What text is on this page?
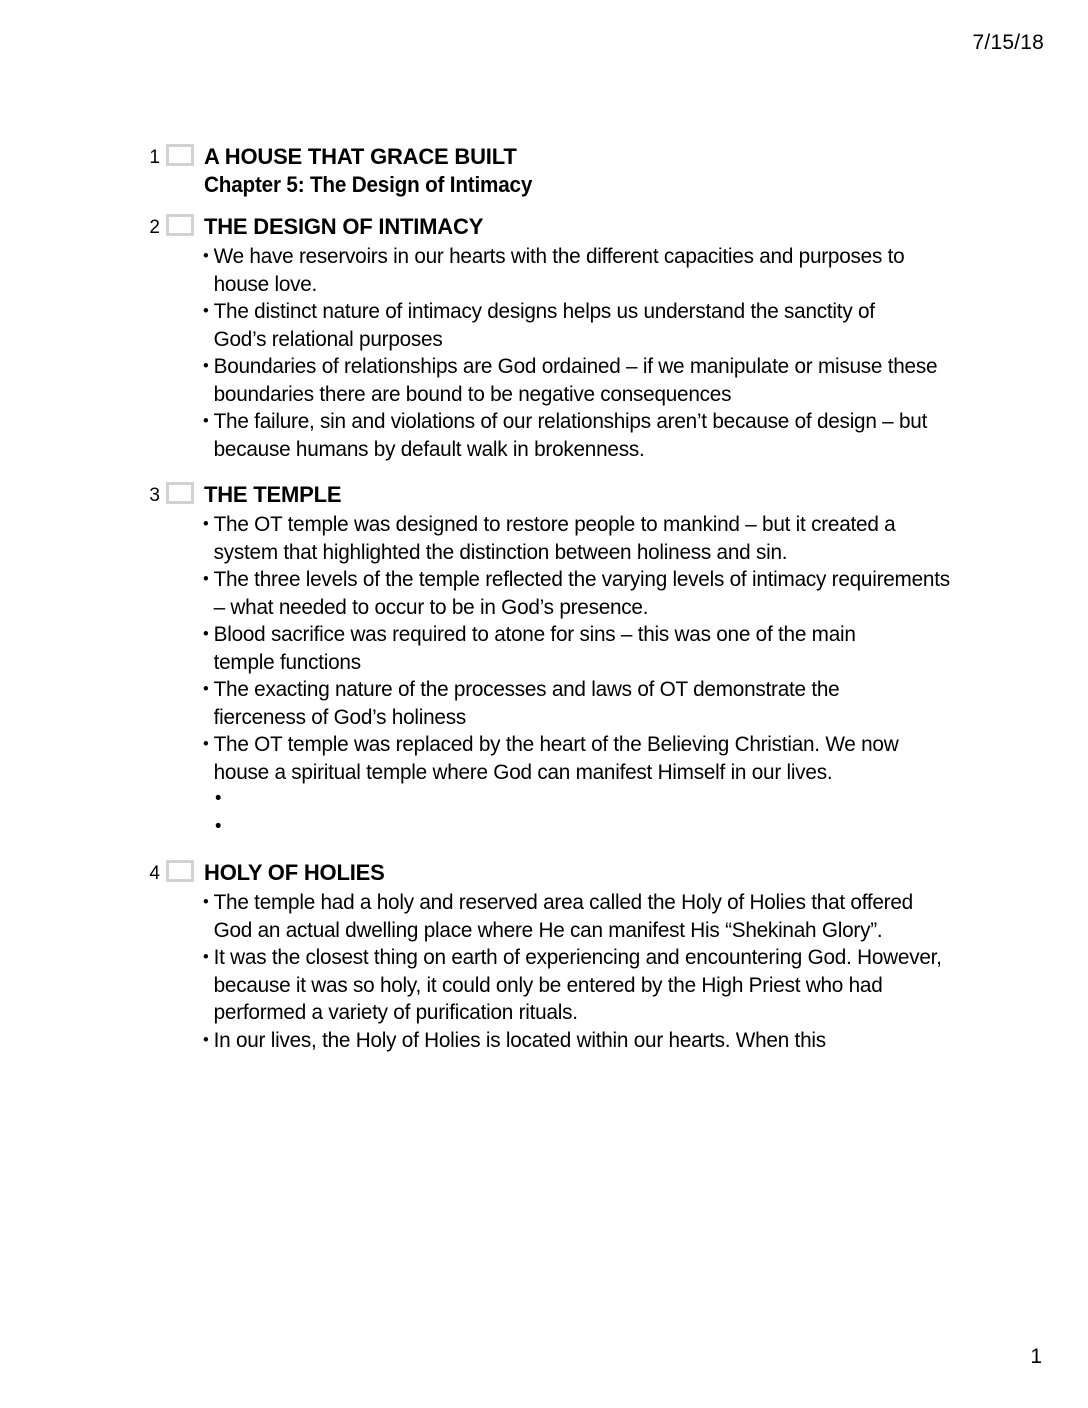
7/15/18
1 A HOUSE THAT GRACE BUILT
Chapter 5: The Design of Intimacy
2 THE DESIGN OF INTIMACY
• We have reservoirs in our hearts with the different capacities and purposes to house love.
• The distinct nature of intimacy designs helps us understand the sanctity of God’s relational purposes
• Boundaries of relationships are God ordained – if we manipulate or misuse these boundaries there are bound to be negative consequences
• The failure, sin and violations of our relationships aren’t because of design – but because humans by default walk in brokenness.
3 THE TEMPLE
• The OT temple was designed to restore people to mankind – but it created a system that highlighted the distinction between holiness and sin.
• The three levels of the temple reflected the varying levels of intimacy requirements – what needed to occur to be in God’s presence.
• Blood sacrifice was required to atone for sins – this was one of the main temple functions
• The exacting nature of the processes and laws of OT demonstrate the fierceness of God’s holiness
• The OT temple was replaced by the heart of the Believing Christian. We now house a spiritual temple where God can manifest Himself in our lives.
•
•
4 HOLY OF HOLIES
• The temple had a holy and reserved area called the Holy of Holies that offered God an actual dwelling place where He can manifest His “Shekinah Glory”.
• It was the closest thing on earth of experiencing and encountering God. However, because it was so holy, it could only be entered by the High Priest who had performed a variety of purification rituals.
• In our lives, the Holy of Holies is located within our hearts. When this
1
